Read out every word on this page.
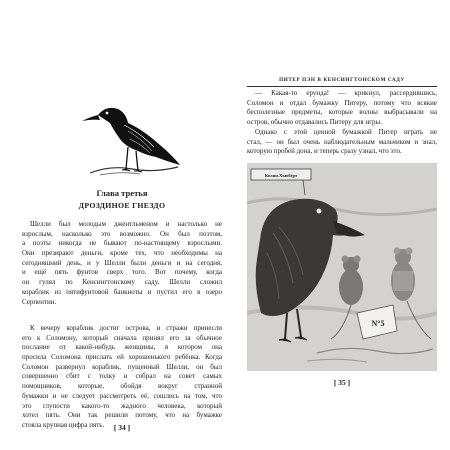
Глава третья
ДРОЗДИНОЕ ГНЕЗДО
Шелли был молодым джентльменом и настолько не
взрослым, насколько это возможно. Он был поэтом,
а поэты никогда не бывают по-настоящему взрослыми.
Они презирают деньги, кроме тех, что необходимы на
сегодняшний день, и у Шелли были деньги и на сегодня,
и ещё пять фунтов сверх того. Вот почему, когда
он гулял по Кенсингтонскому саду, Шелли сложил
кораблик из пятифунтовой банкноты и пустил его в озеро
Серпентин.
К вечеру кораблик достиг острова, и стражи принесли
его к Соломону, который сначала принял его за обычное
послание от какой-нибудь женщины, в котором она
просила Соломона прислать ей хорошенького ребёнка. Когда
Соломон развернул кораблик, пущенный Шелли, он был
совершенно сбит с толку и собрал на совет самых
помощников, которые, обойдя вокруг странной
бумажки и не следует рассмотреть её, сошлись на том, что
это глупости какого-то жадного человека, который
хотел пять. Они так решили потому, что на бумажке
стояла крупная цифра пять.	[ 34 ]
ПИТЕР ПЭН В КЕНСИНГТОНСКОМ САДУ
— Какая-то ерунда! — крикнул, рассердившись,
Соломон и отдал бумажку Питеру, потому что всякие
бесполезные предметы, которые волны выбрасывали на
остров, обычно отдавались Питеру для игры.
Однако с этой ценной бумажкой Питер играть не
стал, — он был очень наблюдательным мальчиком и знал,
которую пробей дона, и теперь сразу узнал, что это.
Колин Хьюберт
N°5
[ 35 ]
